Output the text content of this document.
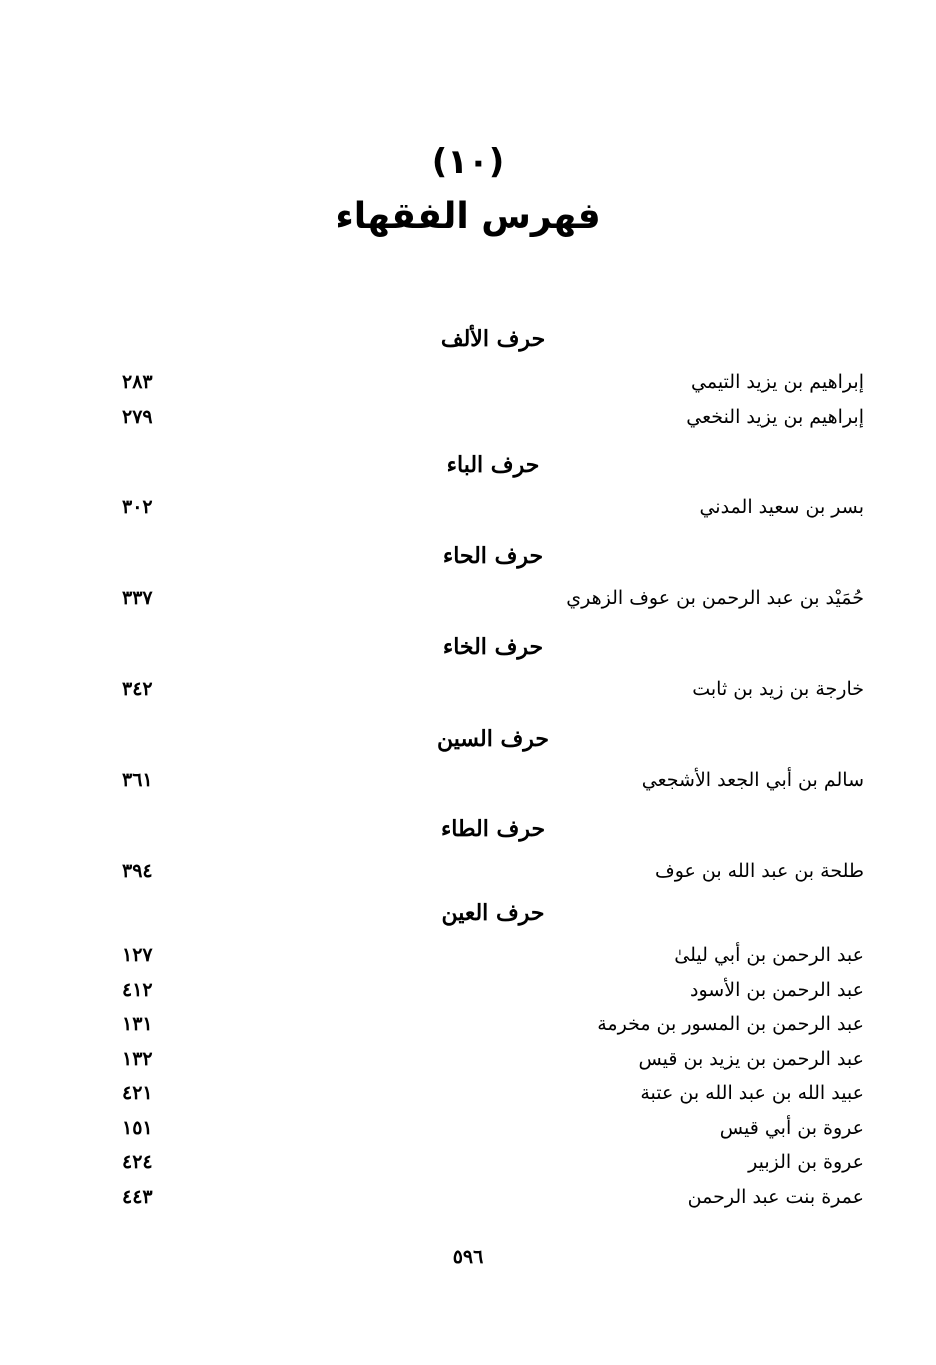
(١٠)
فهرس الفقهاء
حرف الألف
إبراهيم بن يزيد التيمي
٢٨٣
إبراهيم بن يزيد النخعي
٢٧٩
حرف الباء
بسر بن سعيد المدني
٣٠٢
حرف الحاء
حُمَيْد بن عبد الرحمن بن عوف الزهري
٣٣٧
حرف الخاء
خارجة بن زيد بن ثابت
٣٤٢
حرف السين
سالم بن أبي الجعد الأشجعي
٣٦١
حرف الطاء
طلحة بن عبد الله بن عوف
٣٩٤
حرف العين
عبد الرحمن بن أبي ليلىٰ
١٢٧
عبد الرحمن بن الأسود
٤١٢
عبد الرحمن بن المسور بن مخرمة
١٣١
عبد الرحمن بن يزيد بن قيس
١٣٢
عبيد الله بن عبد الله بن عتبة
٤٢١
عروة بن أبي قيس
١٥١
عروة بن الزبير
٤٢٤
عمرة بنت عبد الرحمن
٤٤٣
٥٩٦
